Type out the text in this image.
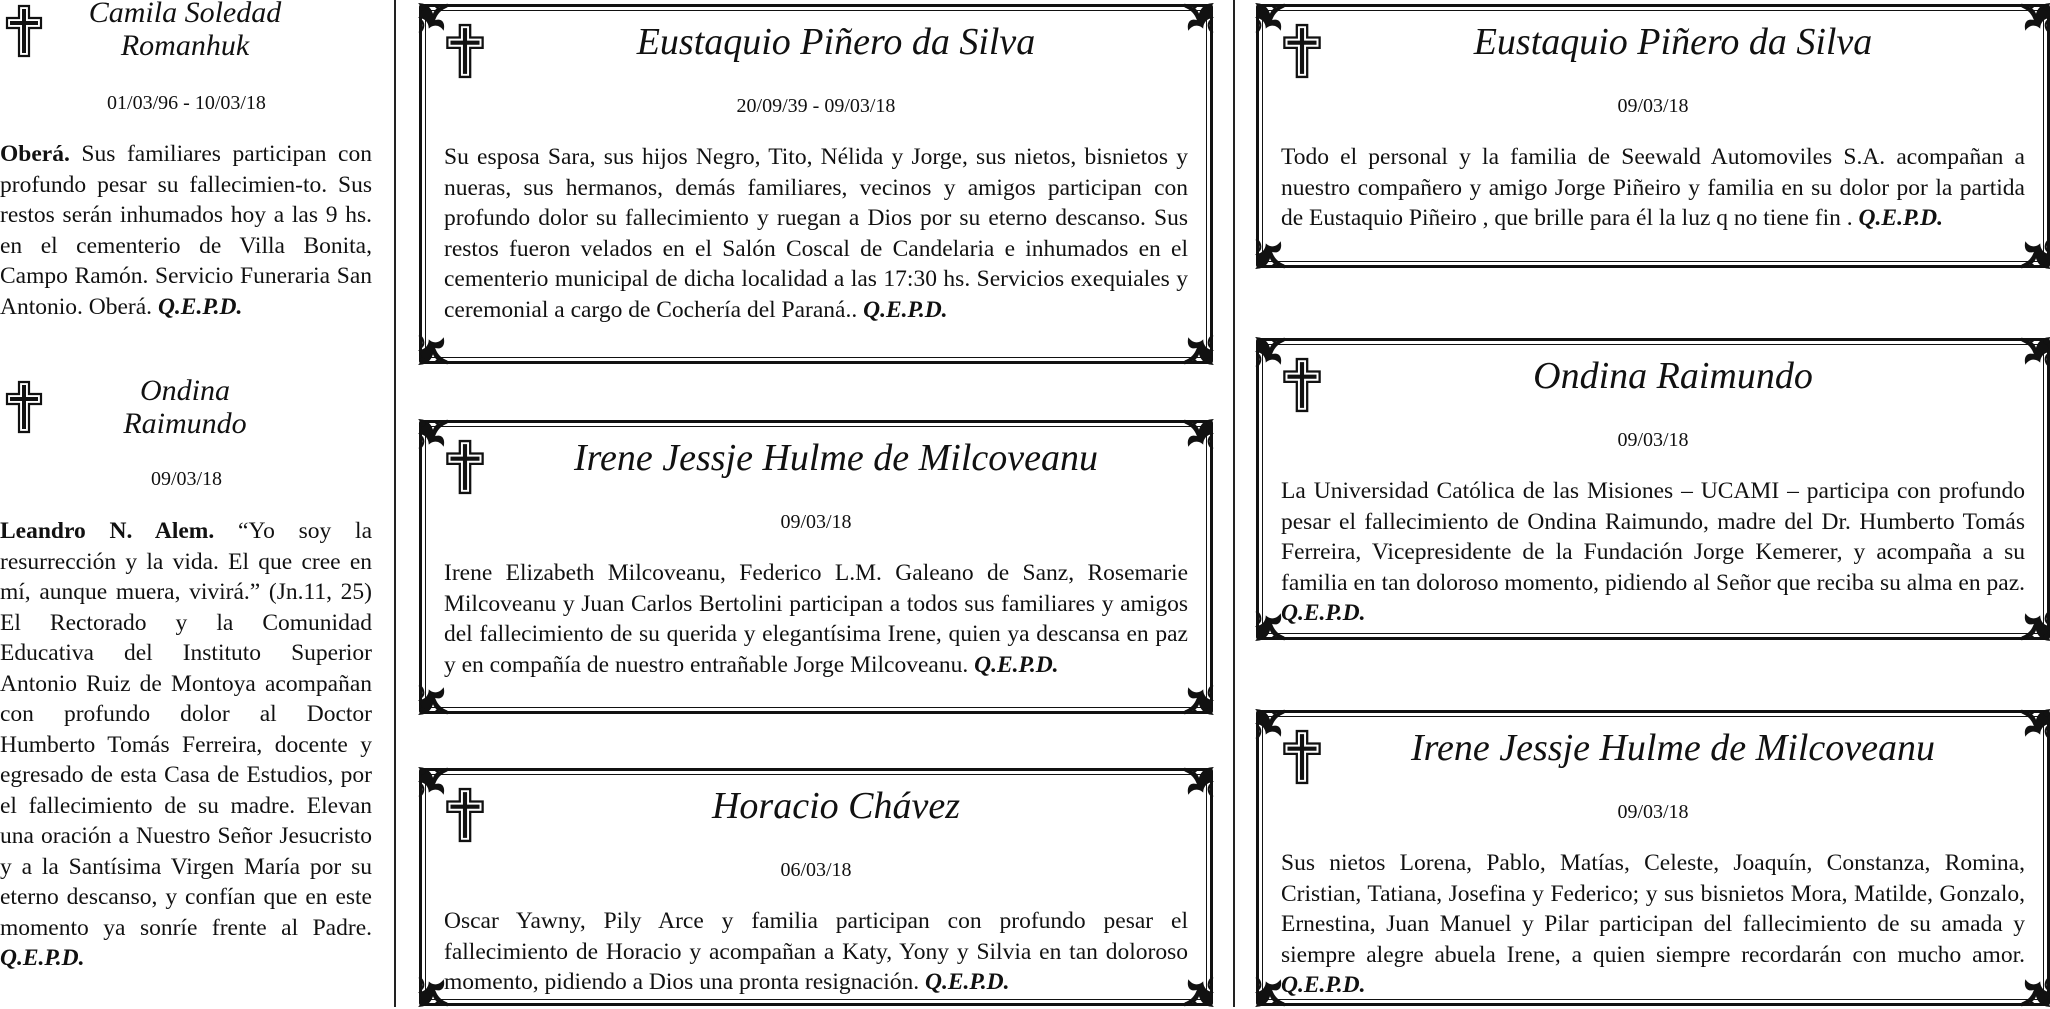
Camila Soledad
Romanhuk
01/03/96 - 10/03/18
Oberá. Sus familiares participan con profundo pesar su fallecimien-to. Sus restos serán inhumados hoy a las 9 hs. en el cementerio de Villa Bonita, Campo Ramón. Servicio Funeraria San Antonio. Oberá. Q.E.P.D.
Ondina
Raimundo
09/03/18
Leandro N. Alem. “Yo soy la resurrección y la vida. El que cree en mí, aunque muera, vivirá.” (Jn.11, 25) El Rectorado y la Comunidad Educativa del Instituto Superior Antonio Ruiz de Montoya acompañan con profundo dolor al Doctor Humberto Tomás Ferreira, docente y egresado de esta Casa de Estudios, por el fallecimiento de su madre. Elevan una oración a Nuestro Señor Jesucristo y a la Santísima Virgen María por su eterno descanso, y confían que en este momento ya sonríe frente al Padre. Q.E.P.D.
Eustaquio Piñero da Silva
20/09/39 - 09/03/18
Su esposa Sara, sus hijos Negro, Tito, Nélida y Jorge, sus nietos, bisnietos y nueras, sus hermanos, demás familiares, vecinos y amigos participan con profundo dolor su fallecimiento y ruegan a Dios por su eterno descanso. Sus restos fueron velados en el Salón Coscal de Candelaria e inhumados en el cementerio municipal de dicha localidad a las 17:30 hs. Servicios exequiales y ceremonial a cargo de Cochería del Paraná.. Q.E.P.D.
Irene Jessje Hulme de Milcoveanu
09/03/18
Irene Elizabeth Milcoveanu, Federico L.M. Galeano de Sanz, Rosemarie Milcoveanu y Juan Carlos Bertolini participan a todos sus familiares y amigos del fallecimiento de su querida y elegantísima Irene, quien ya descansa en paz y en compañía de nuestro entrañable Jorge Milcoveanu. Q.E.P.D.
Horacio Chávez
06/03/18
Oscar Yawny, Pily Arce y familia participan con profundo pesar el fallecimiento de Horacio y acompañan a Katy, Yony y Silvia en tan doloroso momento, pidiendo a Dios una pronta resignación. Q.E.P.D.
Eustaquio Piñero da Silva
09/03/18
Todo el personal y la familia de Seewald Automoviles S.A. acompañan a nuestro compañero y amigo Jorge Piñeiro y familia en su dolor por la partida de Eustaquio Piñeiro , que brille para él la luz q no tiene fin . Q.E.P.D.
Ondina Raimundo
09/03/18
La Universidad Católica de las Misiones – UCAMI – participa con profundo pesar el fallecimiento de Ondina Raimundo, madre del Dr. Humberto Tomás Ferreira, Vicepresidente de la Fundación Jorge Kemerer, y acompaña a su familia en tan doloroso momento, pidiendo al Señor que reciba su alma en paz. Q.E.P.D.
Irene Jessje Hulme de Milcoveanu
09/03/18
Sus nietos Lorena, Pablo, Matías, Celeste, Joaquín, Constanza, Romina, Cristian, Tatiana, Josefina y Federico; y sus bisnietos Mora, Matilde, Gonzalo, Ernestina, Juan Manuel y Pilar participan del fallecimiento de su amada y siempre alegre abuela Irene, a quien siempre recordarán con mucho amor. Q.E.P.D.
